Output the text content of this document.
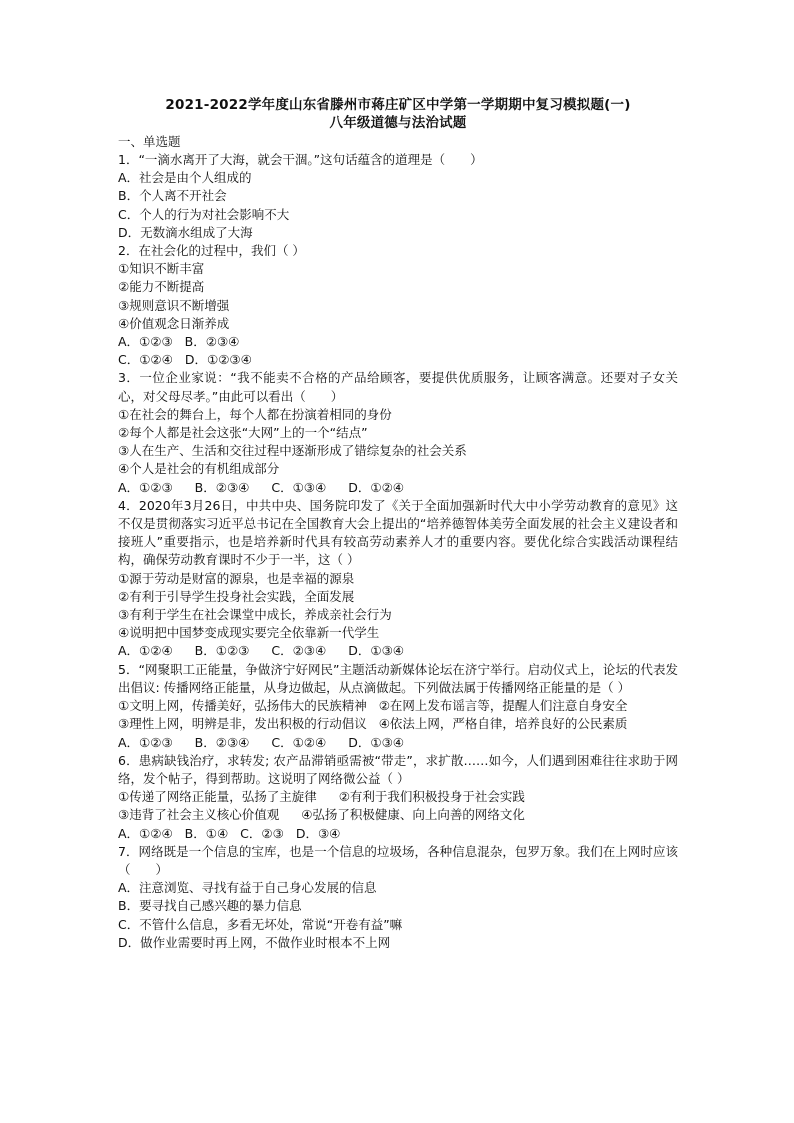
2021-2022学年度山东省滕州市蒋庄矿区中学第一学期期中复习模拟题(一)

八年级道德与法治试题

一、单选题

1．“一滴水离开了大海，就会干涸。”这句话蕴含的道理是（　　）

A．社会是由个人组成的

B．个人离不开社会

C．个人的行为对社会影响不大

D．无数滴水组成了大海

2．在社会化的过程中，我们（ ）

①知识不断丰富

②能力不断提高

③规则意识不断增强

④价值观念日渐养成

A．①②③ B．②③④

C．①②④ D．①②③④

3．一位企业家说：“我不能卖不合格的产品给顾客，要提供优质服务，让顾客满意。还要对子女关心，对父母尽孝。”由此可以看出（　　）

①在社会的舞台上，每个人都在扮演着相同的身份

②每个人都是社会这张“大网”上的一个“结点”

③人在生产、生活和交往过程中逐渐形成了错综复杂的社会关系

④个人是社会的有机组成部分

A．①②③ B．②③④ C．①③④ D．①②④

4．2020年3月26日，中共中央、国务院印发了《关于全面加强新时代大中小学劳动教育的意见》这不仅是贯彻落实习近平总书记在全国教育大会上提出的“培养德智体美劳全面发展的社会主义建设者和接班人”重要指示，也是培养新时代具有较高劳动素养人才的重要内容。要优化综合实践活动课程结构，确保劳动教育课时不少于一半，这（ ）

①源于劳动是财富的源泉，也是幸福的源泉

②有利于引导学生投身社会实践，全面发展

③有利于学生在社会课堂中成长，养成亲社会行为

④说明把中国梦变成现实要完全依靠新一代学生

A．①②④ B．①②③ C．②③④ D．①③④

5．“网聚职工正能量，争做济宁好网民”主题活动新媒体论坛在济宁举行。启动仪式上，论坛的代表发出倡议: 传播网络正能量，从身边做起，从点滴做起。下列做法属于传播网络正能量的是（ ）

①文明上网，传播美好，弘扬伟大的民族精神 ②在网上发布谣言等，提醒人们注意自身安全

③理性上网，明辨是非，发出积极的行动倡议 ④依法上网，严格自律，培养良好的公民素质

A．①②③ B．②③④ C．①②④ D．①③④

6．患病缺钱治疗，求转发; 农产品滞销亟需被“带走”，求扩散……如今，人们遇到困难往往求助于网络，发个帖子，得到帮助。这说明了网络微公益（ ）

①传递了网络正能量，弘扬了主旋律 ②有利于我们积极投身于社会实践

③违背了社会主义核心价值观 ④弘扬了积极健康、向上向善的网络文化

A．①②④ B．①④ C．②③ D．③④

7．网络既是一个信息的宝库，也是一个信息的垃圾场，各种信息混杂，包罗万象。我们在上网时应该（　　）

A．注意浏览、寻找有益于自己身心发展的信息

B．要寻找自己感兴趣的暴力信息

C．不管什么信息，多看无坏处，常说“开卷有益”嘛

D．做作业需要时再上网，不做作业时根本不上网
